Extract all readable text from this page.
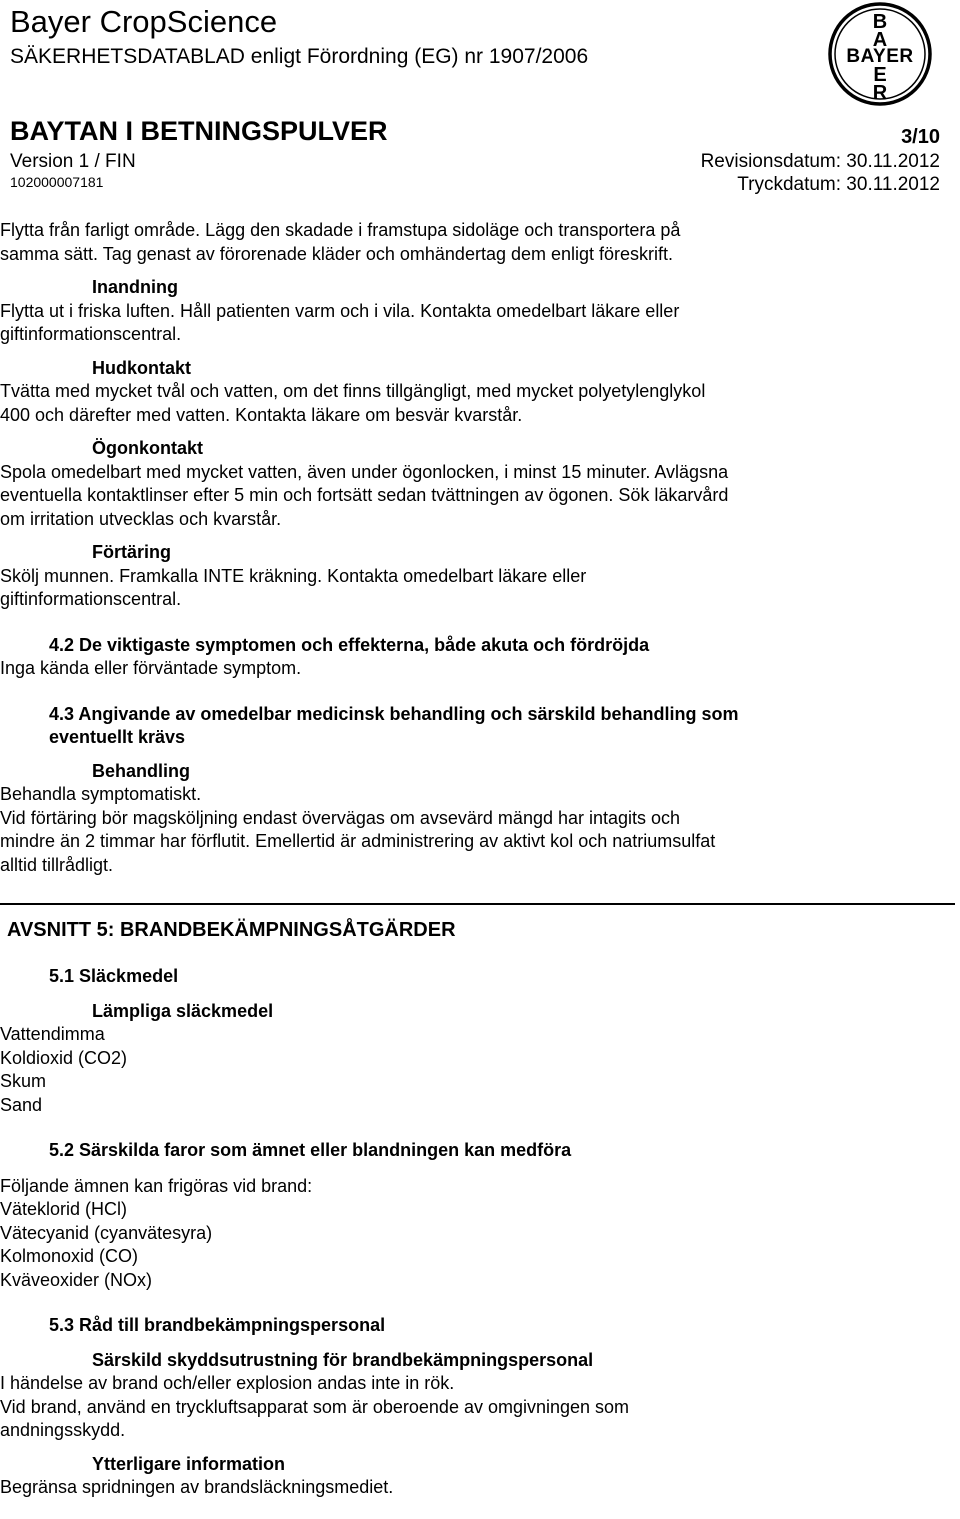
Bayer CropScience
SÄKERHETSDATABLAD enligt Förordning (EG) nr 1907/2006
BAYTAN I BETNINGSPULVER	3/10
Version 1 / FIN	Revisionsdatum: 30.11.2012
102000007181	Tryckdatum: 30.11.2012
B
A
BAYER
E
R
Flytta från farligt område. Lägg den skadade i framstupa sidoläge och transportera på
samma sätt. Tag genast av förorenade kläder och omhändertag dem enligt föreskrift.
Inandning
Flytta ut i friska luften. Håll patienten varm och i vila. Kontakta omedelbart läkare eller
giftinformationscentral.
Hudkontakt
Tvätta med mycket tvål och vatten, om det finns tillgängligt, med mycket polyetylenglykol
400 och därefter med vatten. Kontakta läkare om besvär kvarstår.
Ögonkontakt
Spola omedelbart med mycket vatten, även under ögonlocken, i minst 15 minuter. Avlägsna
eventuella kontaktlinser efter 5 min och fortsätt sedan tvättningen av ögonen. Sök läkarvård
om irritation utvecklas och kvarstår.
Förtäring
Skölj munnen. Framkalla INTE kräkning. Kontakta omedelbart läkare eller
giftinformationscentral.
4.2 De viktigaste symptomen och effekterna, både akuta och fördröjda
Inga kända eller förväntade symptom.
4.3 Angivande av omedelbar medicinsk behandling och särskild behandling som
eventuellt krävs
Behandling
Behandla symptomatiskt.
Vid förtäring bör magsköljning endast övervägas om avsevärd mängd har intagits och
mindre än 2 timmar har förflutit. Emellertid är administrering av aktivt kol och natriumsulfat
alltid tillrådligt.
AVSNITT 5: BRANDBEKÄMPNINGSÅTGÄRDER
5.1 Släckmedel
Lämpliga släckmedel
Vattendimma
Koldioxid (CO2)
Skum
Sand
5.2 Särskilda faror som ämnet eller blandningen kan medföra
Följande ämnen kan frigöras vid brand:
Väteklorid (HCl)
Vätecyanid (cyanvätesyra)
Kolmonoxid (CO)
Kväveoxider (NOx)
5.3 Råd till brandbekämpningspersonal
Särskild skyddsutrustning för brandbekämpningspersonal
I händelse av brand och/eller explosion andas inte in rök.
Vid brand, använd en tryckluftsapparat som är oberoende av omgivningen som
andningsskydd.
Ytterligare information
Begränsa spridningen av brandsläckningsmediet.
